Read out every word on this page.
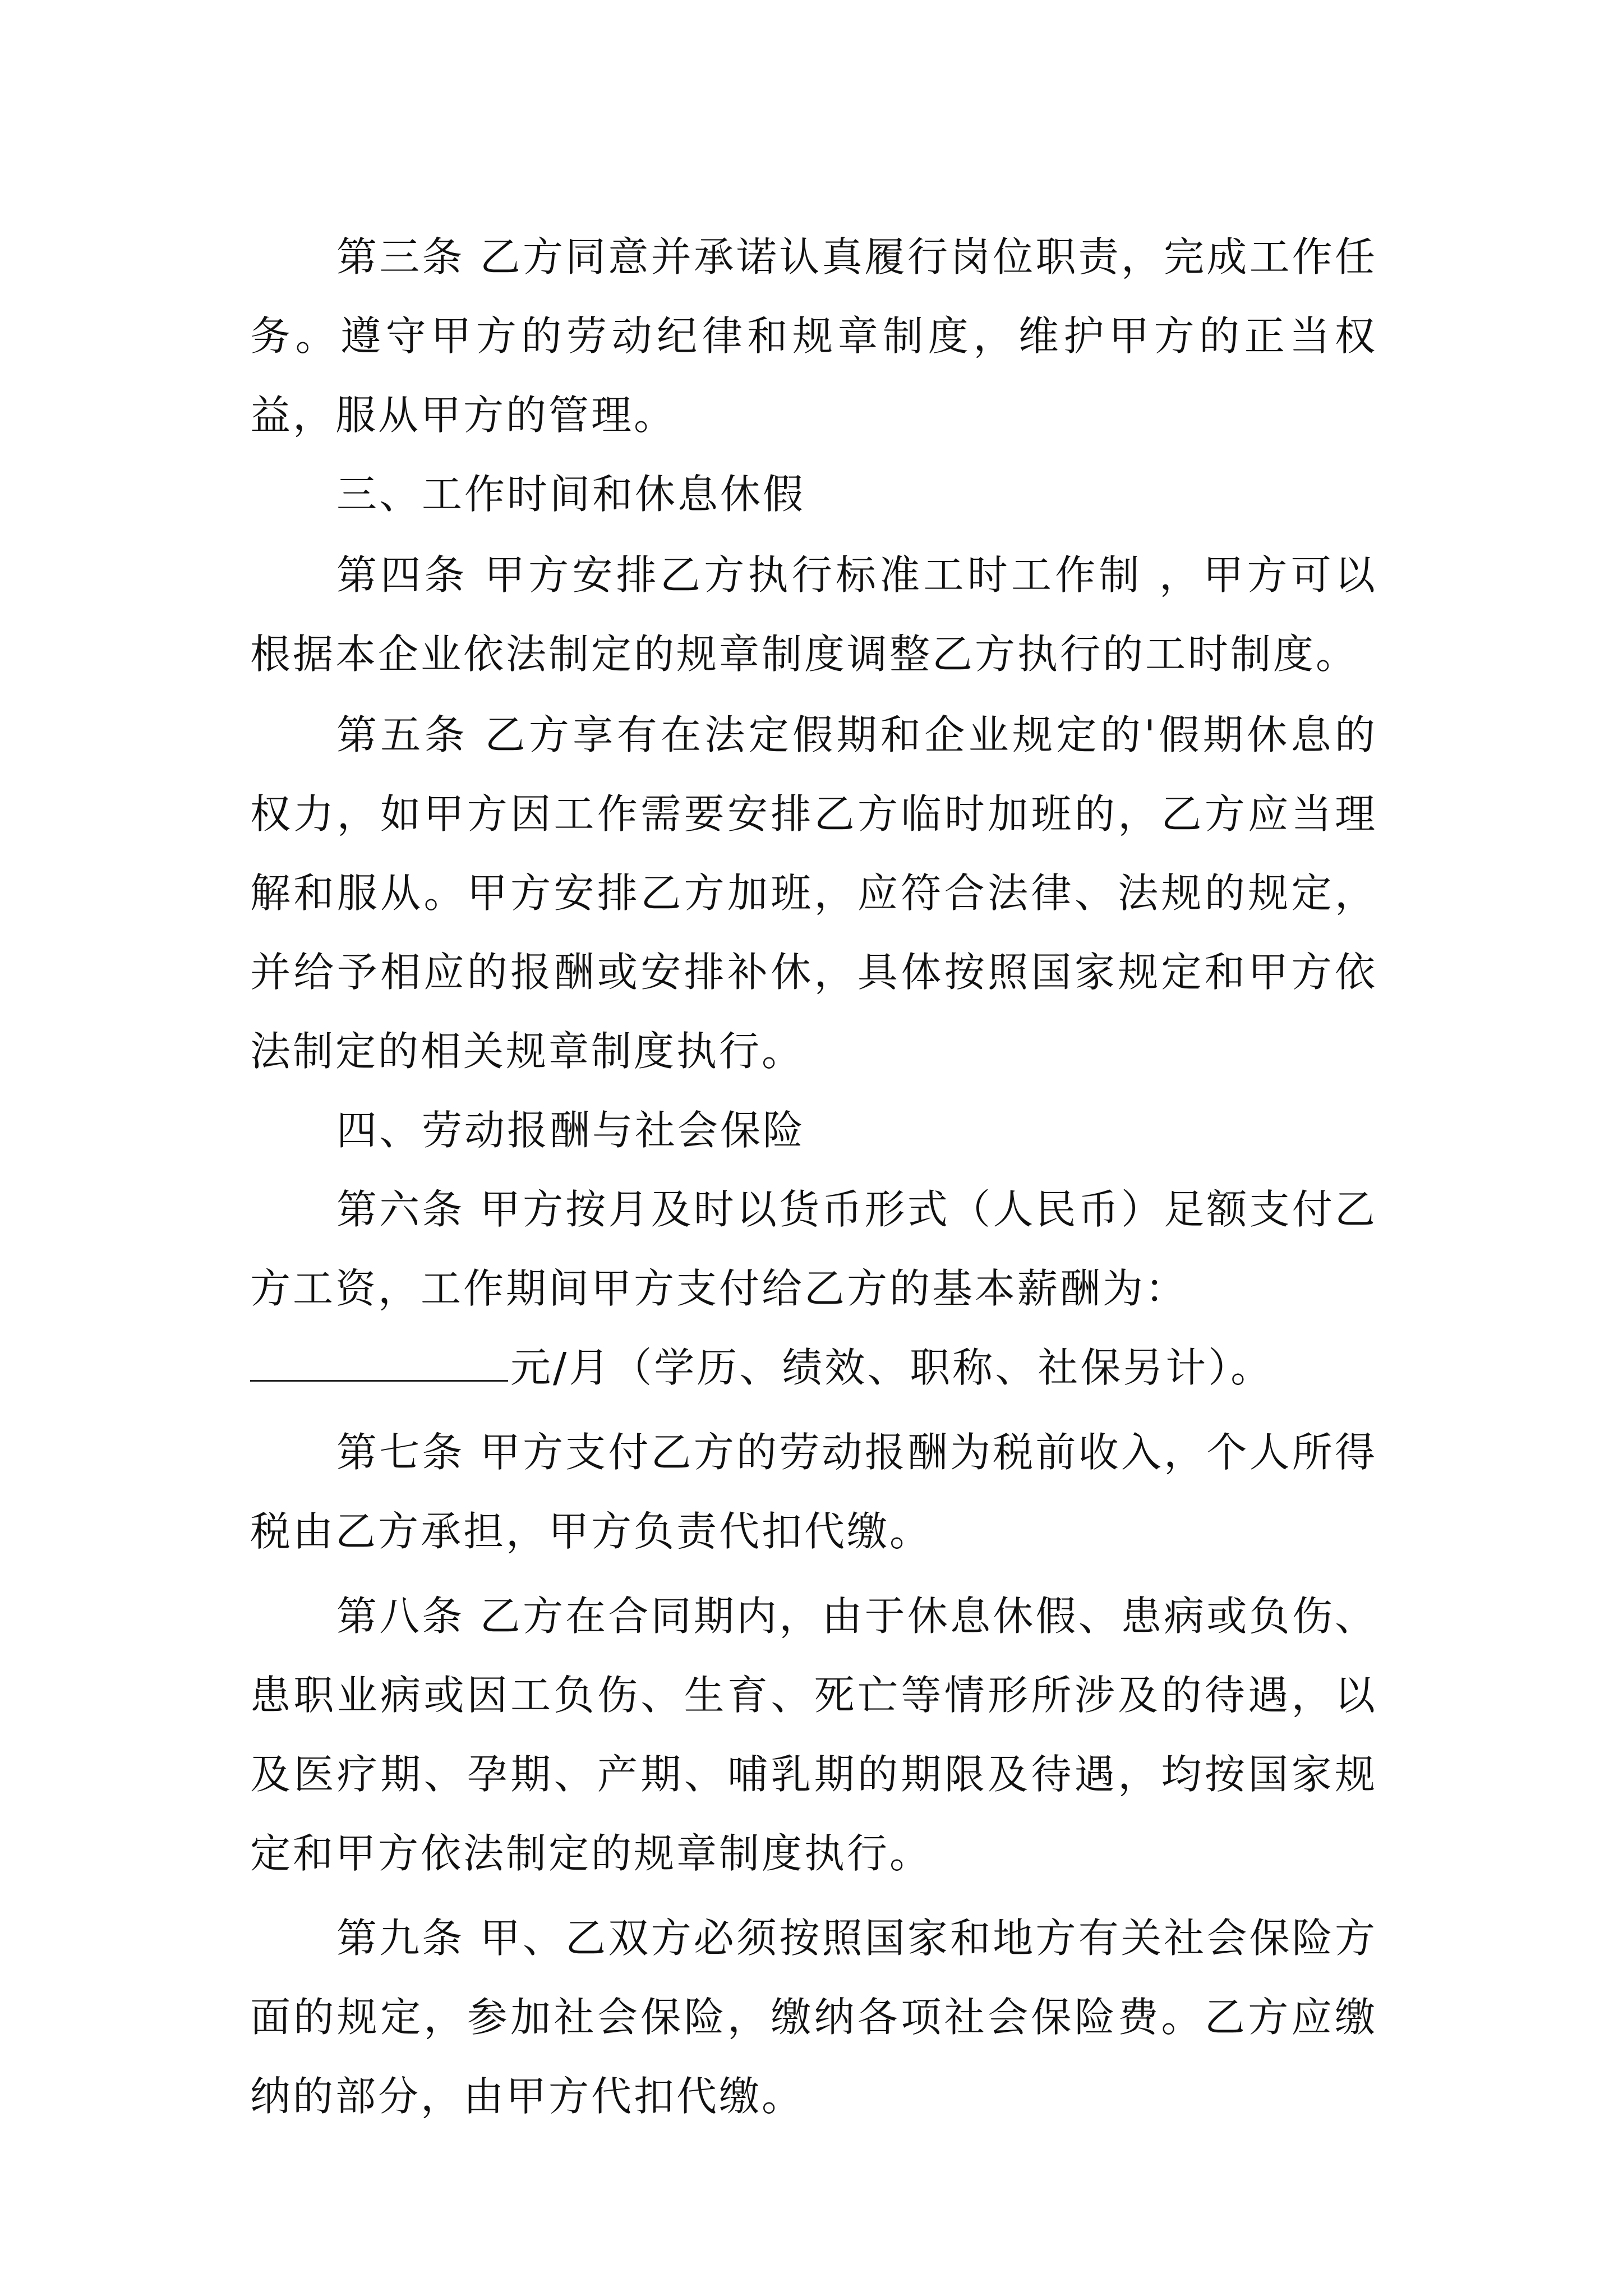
第三条 乙方同意并承诺认真履行岗位职责，完成工作任务。遵守甲方的劳动纪律和规章制度，维护甲方的正当权益，服从甲方的管理。

三、工作时间和休息休假

第四条 甲方安排乙方执行标准工时工作制 ，甲方可以根据本企业依法制定的规章制度调整乙方执行的工时制度。

第五条 乙方享有在法定假期和企业规定的'假期休息的权力，如甲方因工作需要安排乙方临时加班的，乙方应当理解和服从。甲方安排乙方加班，应符合法律、法规的规定，并给予相应的报酬或安排补休，具体按照国家规定和甲方依法制定的相关规章制度执行。

四、劳动报酬与社会保险

第六条 甲方按月及时以货币形式（人民币）足额支付乙方工资，工作期间甲方支付给乙方的基本薪酬为：

元/月（学历、绩效、职称、社保另计）。

第七条 甲方支付乙方的劳动报酬为税前收入，个人所得税由乙方承担，甲方负责代扣代缴。

第八条 乙方在合同期内，由于休息休假、患病或负伤、患职业病或因工负伤、生育、死亡等情形所涉及的待遇，以及医疗期、孕期、产期、哺乳期的期限及待遇，均按国家规定和甲方依法制定的规章制度执行。

第九条 甲、乙双方必须按照国家和地方有关社会保险方面的规定，参加社会保险，缴纳各项社会保险费。乙方应缴纳的部分，由甲方代扣代缴。
